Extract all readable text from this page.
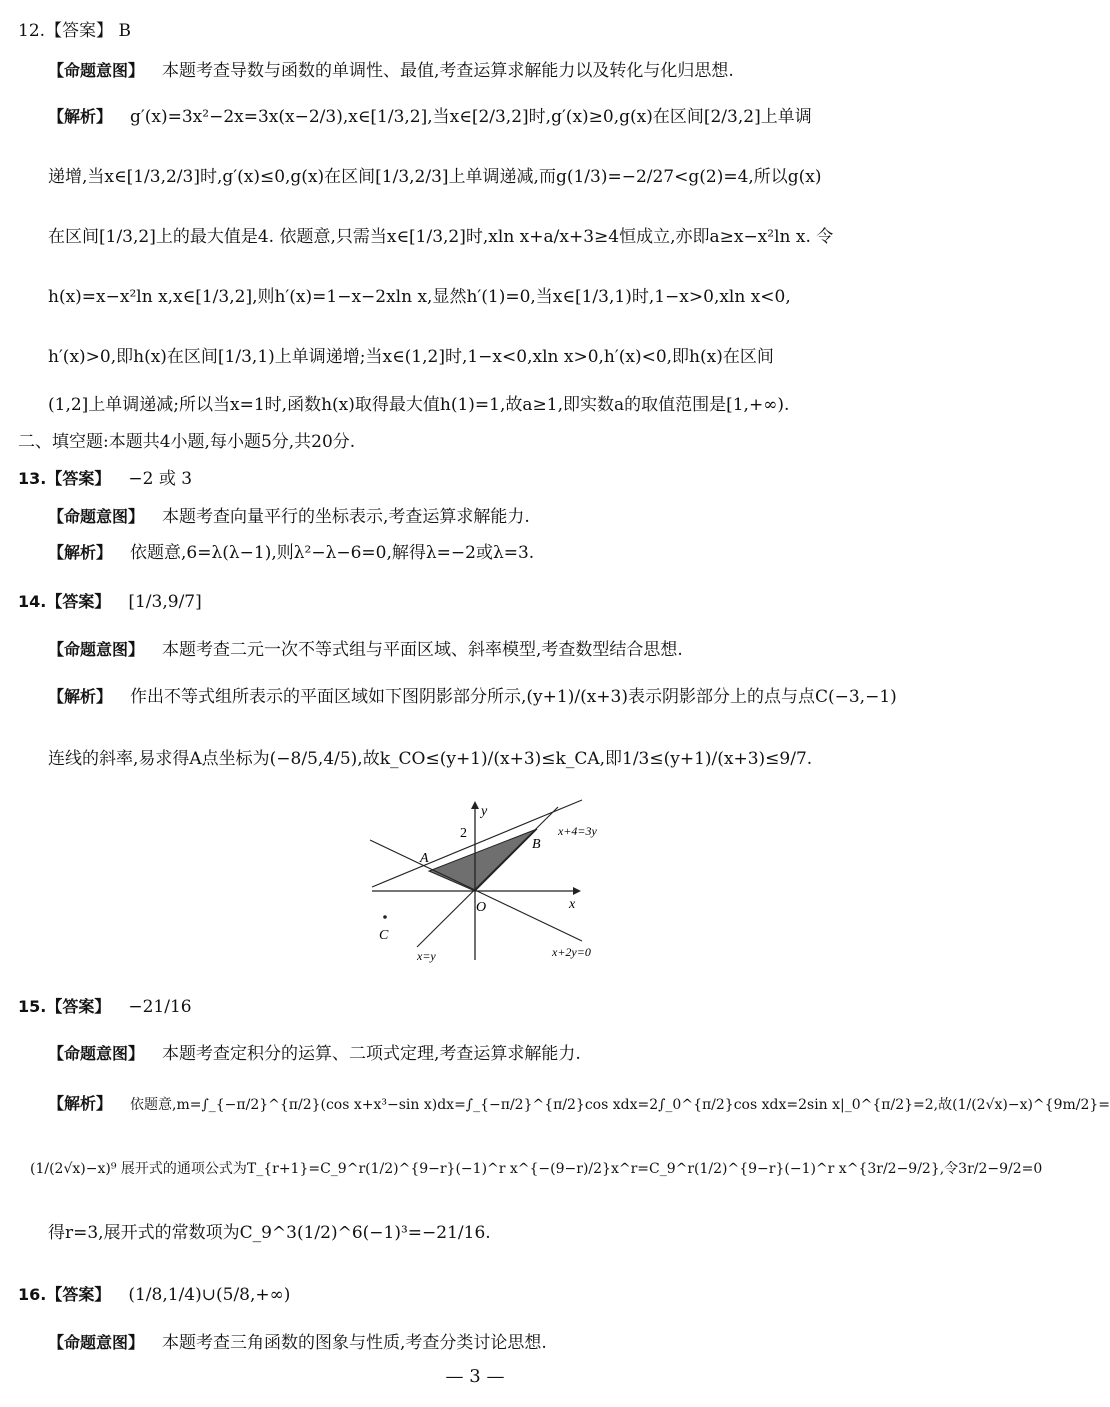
12.【答案】 B
【命题意图】 本题考查导数与函数的单调性、最值,考查运算求解能力以及转化与化归思想.
【解析】 g′(x)=3x²−2x=3x(x−2/3),x∈[1/3,2],当x∈[2/3,2]时,g′(x)≥0,g(x)在区间[2/3,2]上单调
递增,当x∈[1/3,2/3]时,g′(x)≤0,g(x)在区间[1/3,2/3]上单调递减,而g(1/3)=−2/27<g(2)=4,所以g(x)
在区间[1/3,2]上的最大值是4. 依题意,只需当x∈[1/3,2]时,xln x+a/x+3≥4恒成立,亦即a≥x−x²ln x. 令
h(x)=x−x²ln x,x∈[1/3,2],则h′(x)=1−x−2xln x,显然h′(1)=0,当x∈[1/3,1)时,1−x>0,xln x<0,
h′(x)>0,即h(x)在区间[1/3,1)上单调递增;当x∈(1,2]时,1−x<0,xln x>0,h′(x)<0,即h(x)在区间
(1,2]上单调递减;所以当x=1时,函数h(x)取得最大值h(1)=1,故a≥1,即实数a的取值范围是[1,+∞).
二、填空题:本题共4小题,每小题5分,共20分.
13.【答案】 −2 或 3
【命题意图】 本题考查向量平行的坐标表示,考查运算求解能力.
【解析】 依题意,6=λ(λ−1),则λ²−λ−6=0,解得λ=−2或λ=3.
14.【答案】 [1/3,9/7]
【命题意图】 本题考查二元一次不等式组与平面区域、斜率模型,考查数型结合思想.
【解析】 作出不等式组所表示的平面区域如下图阴影部分所示,(y+1)/(x+3)表示阴影部分上的点与点C(−3,−1)
连线的斜率,易求得A点坐标为(−8/5,4/5),故k_CO≤(y+1)/(x+3)≤k_CA,即1/3≤(y+1)/(x+3)≤9/7.
y
x
2
A
B
O
C
x+4=3y
x=y	x+2y=0
15.【答案】 −21/16
【命题意图】 本题考查定积分的运算、二项式定理,考查运算求解能力.
【解析】 依题意,m=∫_{−π/2}^{π/2}(cos x+x³−sin x)dx=∫_{−π/2}^{π/2}cos xdx=2∫_0^{π/2}cos xdx=2sin x|_0^{π/2}=2,故(1/(2√x)−x)^{9m/2}=
(1/(2√x)−x)⁹ 展开式的通项公式为T_{r+1}=C_9^r(1/2)^{9−r}(−1)^r x^{−(9−r)/2}x^r=C_9^r(1/2)^{9−r}(−1)^r x^{3r/2−9/2},令3r/2−9/2=0
得r=3,展开式的常数项为C_9^3(1/2)^6(−1)³=−21/16.
16.【答案】 (1/8,1/4)∪(5/8,+∞)
【命题意图】 本题考查三角函数的图象与性质,考查分类讨论思想.
— 3 —
